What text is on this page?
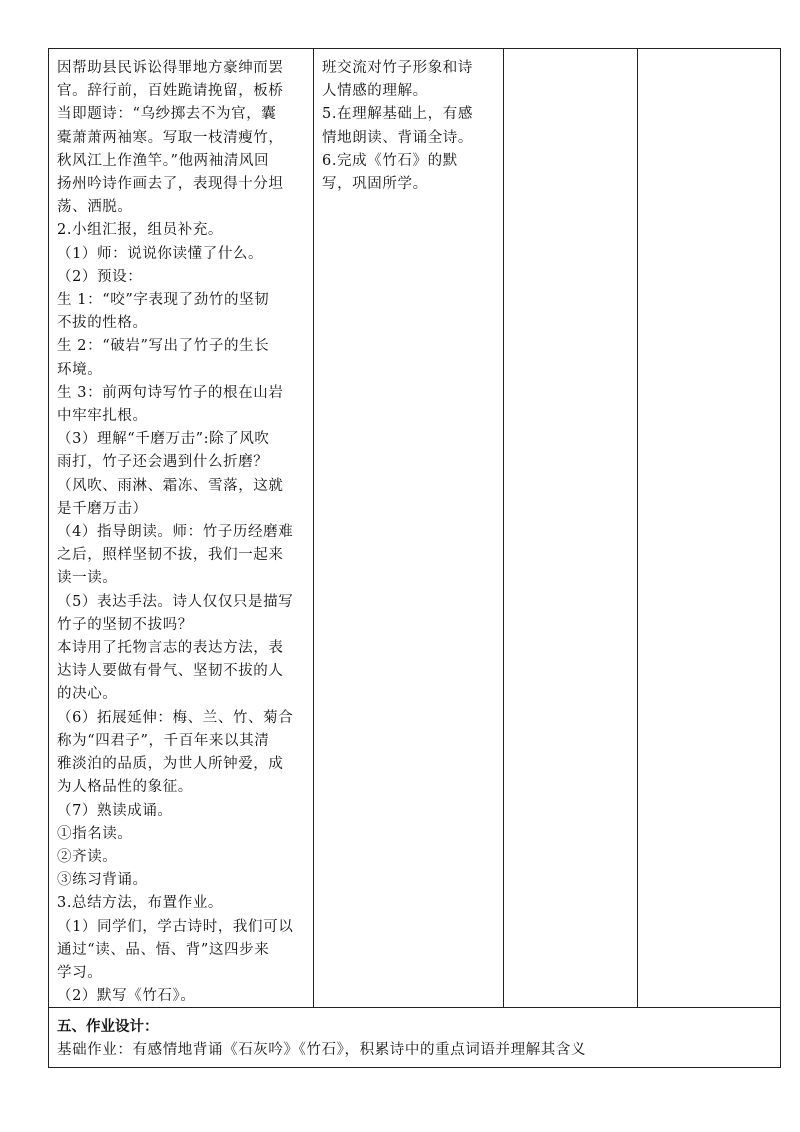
因帮助县民诉讼得罪地方豪绅而罢
官。辞行前，百姓跪请挽留，板桥
当即题诗：“乌纱掷去不为官，囊
橐萧萧两袖寒。写取一枝清瘦竹，
秋风江上作渔竿。”他两袖清风回
扬州吟诗作画去了，表现得十分坦
荡、洒脱。
2.小组汇报，组员补充。
（1）师：说说你读懂了什么。
（2）预设：
生 1：“咬”字表现了劲竹的坚韧
不拔的性格。
生 2：“破岩”写出了竹子的生长
环境。
生 3：前两句诗写竹子的根在山岩
中牢牢扎根。
（3）理解“千磨万击”:除了风吹
雨打，竹子还会遇到什么折磨？
（风吹、雨淋、霜冻、雪落，这就
是千磨万击）
（4）指导朗读。师：竹子历经磨难
之后，照样坚韧不拔，我们一起来
读一读。
（5）表达手法。诗人仅仅只是描写
竹子的坚韧不拔吗？
本诗用了托物言志的表达方法，表
达诗人要做有骨气、坚韧不拔的人
的决心。
（6）拓展延伸：梅、兰、竹、菊合
称为“四君子”，千百年来以其清
雅淡泊的品质，为世人所钟爱，成
为人格品性的象征。
（7）熟读成诵。
①指名读。
②齐读。
③练习背诵。
3.总结方法，布置作业。
（1）同学们，学古诗时，我们可以
通过“读、品、悟、背”这四步来
学习。
（2）默写《竹石》。
班交流对竹子形象和诗
人情感的理解。
5.在理解基础上，有感
情地朗读、背诵全诗。
6.完成《竹石》的默
写，巩固所学。
五、作业设计：
基础作业：有感情地背诵《石灰吟》《竹石》，积累诗中的重点词语并理解其含义
